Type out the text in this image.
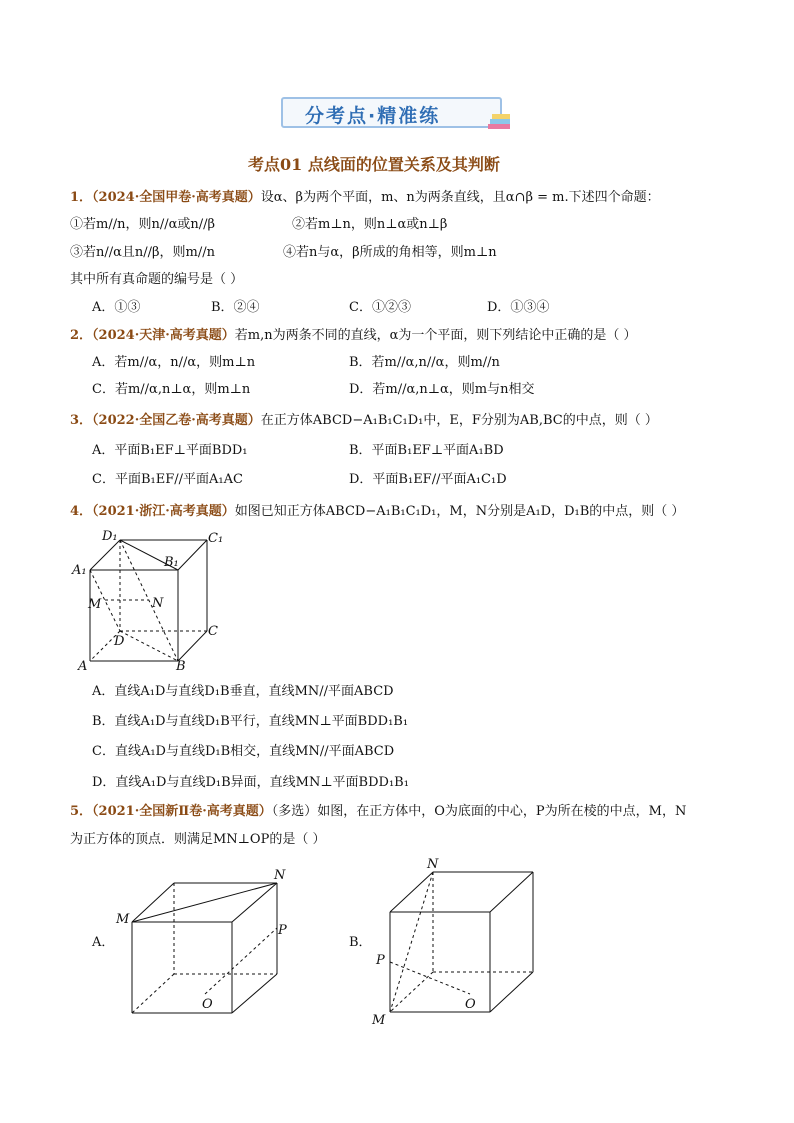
分考点·精准练
考点01 点线面的位置关系及其判断
1．（2024·全国甲卷·高考真题）设α、β为两个平面，m、n为两条直线，且α∩β = m.下述四个命题：
①若m//n，则n//α或n//β	②若m⊥n，则n⊥α或n⊥β
③若n//α且n//β，则m//n	④若n与α，β所成的角相等，则m⊥n
其中所有真命题的编号是（ ）
A．①③	B．②④	C．①②③	D．①③④
2．（2024·天津·高考真题）若m,n为两条不同的直线，α为一个平面，则下列结论中正确的是（ ）
A．若m//α，n//α，则m⊥n	B．若m//α,n//α，则m//n
C．若m//α,n⊥α，则m⊥n	D．若m//α,n⊥α，则m与n相交
3．（2022·全国乙卷·高考真题）在正方体ABCD−A₁B₁C₁D₁中，E，F分别为AB,BC的中点，则（ ）
A．平面B₁EF⊥平面BDD₁	B．平面B₁EF⊥平面A₁BD
C．平面B₁EF//平面A₁AC	D．平面B₁EF//平面A₁C₁D
4．（2021·浙江·高考真题）如图已知正方体ABCD−A₁B₁C₁D₁，M，N分别是A₁D，D₁B的中点，则（ ）
D₁	C₁
B₁
A₁
M	N
D
C
A	B
A．直线A₁D与直线D₁B垂直，直线MN//平面ABCD
B．直线A₁D与直线D₁B平行，直线MN⊥平面BDD₁B₁
C．直线A₁D与直线D₁B相交，直线MN//平面ABCD
D．直线A₁D与直线D₁B异面，直线MN⊥平面BDD₁B₁
5．（2021·全国新Ⅱ卷·高考真题）（多选）如图，在正方体中，O为底面的中心，P为所在棱的中点，M，N
为正方体的顶点．则满足MN⊥OP的是（ ）
A．
M
N
P
O
B．
N
P
O
M
